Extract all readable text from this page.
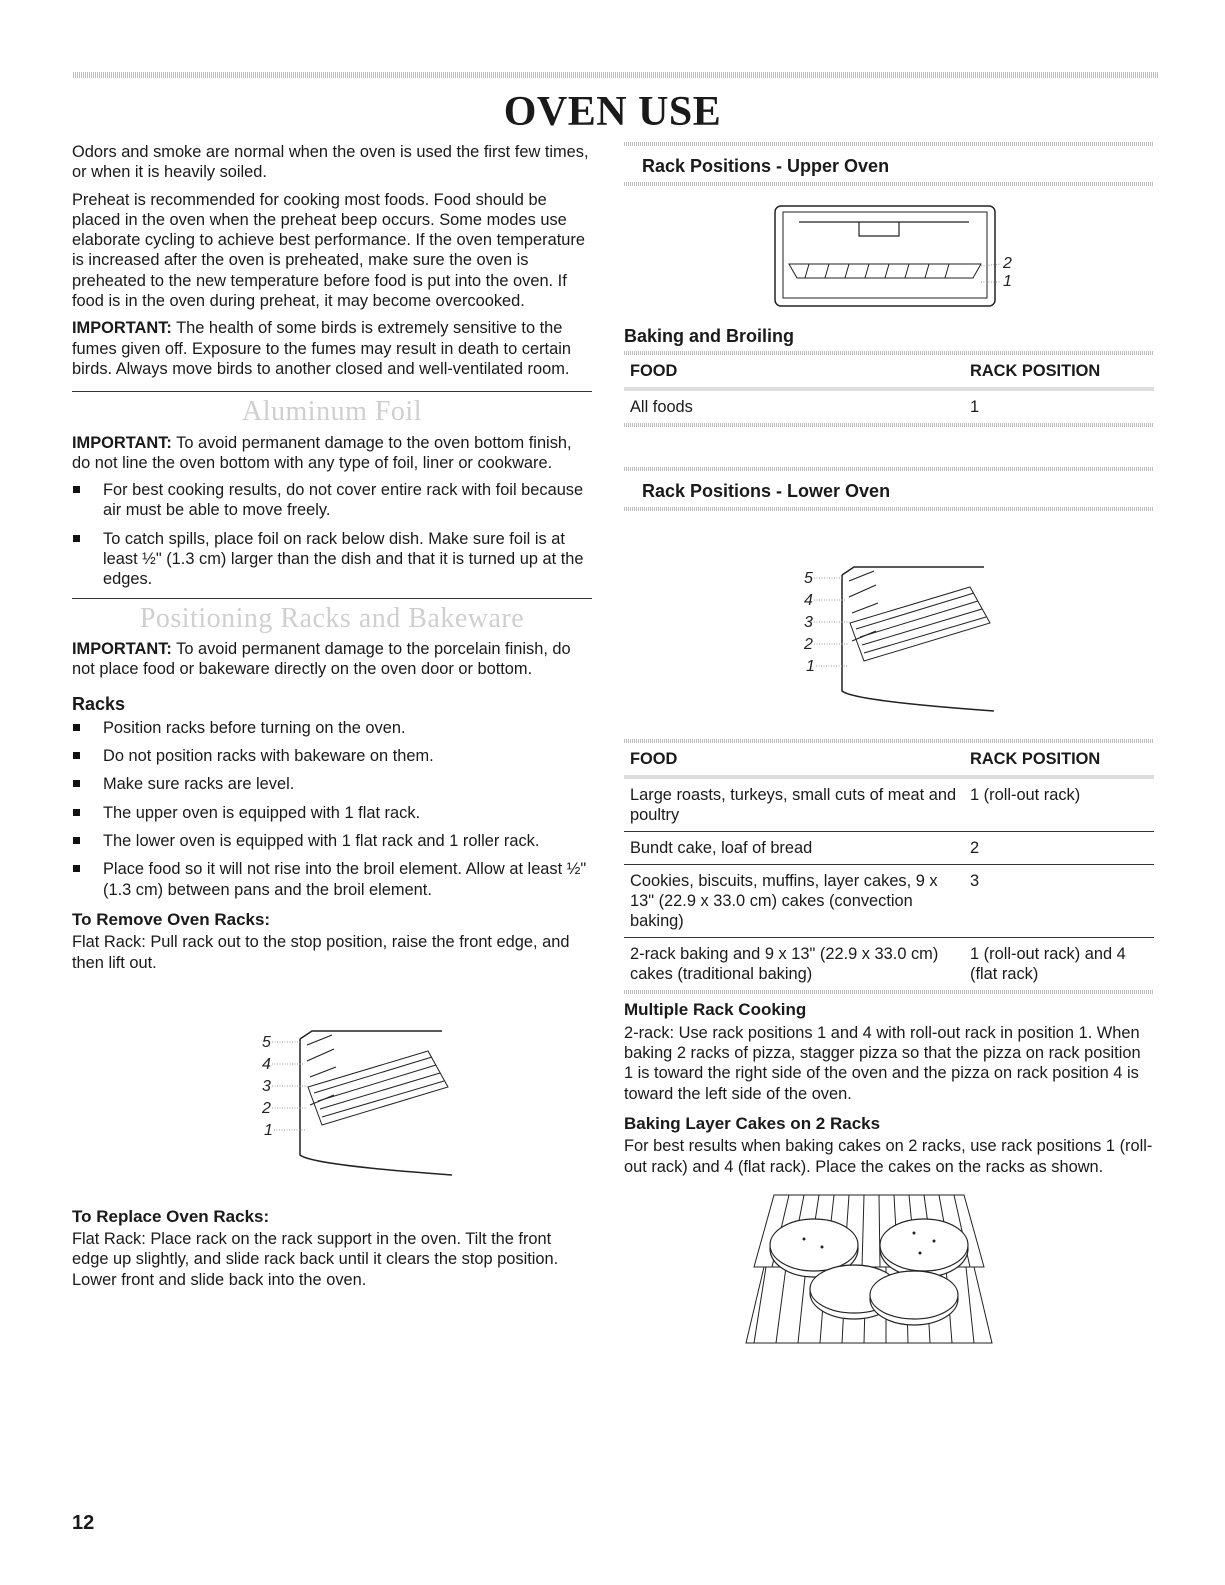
OVEN USE

Odors and smoke are normal when the oven is used the first few times, or when it is heavily soiled.

Preheat is recommended for cooking most foods. Food should be placed in the oven when the preheat beep occurs. Some modes use elaborate cycling to achieve best performance. If the oven temperature is increased after the oven is preheated, make sure the oven is preheated to the new temperature before food is put into the oven. If food is in the oven during preheat, it may become overcooked.

IMPORTANT: The health of some birds is extremely sensitive to the fumes given off. Exposure to the fumes may result in death to certain birds. Always move birds to another closed and well-ventilated room.

Aluminum Foil

IMPORTANT: To avoid permanent damage to the oven bottom finish, do not line the oven bottom with any type of foil, liner or cookware.

For best cooking results, do not cover entire rack with foil because air must be able to move freely.
To catch spills, place foil on rack below dish. Make sure foil is at least ½" (1.3 cm) larger than the dish and that it is turned up at the edges.
Positioning Racks and Bakeware

IMPORTANT: To avoid permanent damage to the porcelain finish, do not place food or bakeware directly on the oven door or bottom.

Racks
Position racks before turning on the oven.
Do not position racks with bakeware on them.
Make sure racks are level.
The upper oven is equipped with 1 flat rack.
The lower oven is equipped with 1 flat rack and 1 roller rack.
Place food so it will not rise into the broil element. Allow at least ½" (1.3 cm) between pans and the broil element.
To Remove Oven Racks:

Flat Rack: Pull rack out to the stop position, raise the front edge, and then lift out.

5
4
3
2
1
To Replace Oven Racks:

Flat Rack: Place rack on the rack support in the oven. Tilt the front edge up slightly, and slide rack back until it clears the stop position. Lower front and slide back into the oven.

Rack Positions - Upper Oven
2
1
Baking and Broiling
FOOD	RACK POSITION
All foods	1
Rack Positions - Lower Oven
5
4
3
2
1
FOOD	RACK POSITION
Large roasts, turkeys, small cuts of meat and poultry	1 (roll-out rack)
Bundt cake, loaf of bread	2
Cookies, biscuits, muffins, layer cakes, 9 x 13" (22.9 x 33.0 cm) cakes (convection baking)	3
2-rack baking and 9 x 13" (22.9 x 33.0 cm) cakes (traditional baking)	1 (roll-out rack) and 4 (flat rack)
Multiple Rack Cooking

2-rack: Use rack positions 1 and 4 with roll-out rack in position 1. When baking 2 racks of pizza, stagger pizza so that the pizza on rack position 1 is toward the right side of the oven and the pizza on rack position 4 is toward the left side of the oven.

Baking Layer Cakes on 2 Racks

For best results when baking cakes on 2 racks, use rack positions 1 (roll-out rack) and 4 (flat rack). Place the cakes on the racks as shown.

12
